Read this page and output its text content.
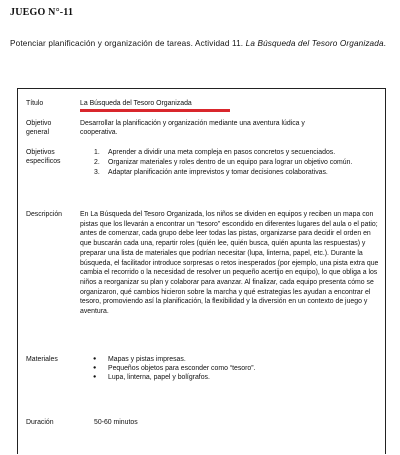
JUEGO N°-11
Potenciar planificación y organización de tareas. Actividad 11. La Búsqueda del Tesoro Organizada.
Título	La Búsqueda del Tesoro Organizada
Objetivo
general
Desarrollar la planificación y organización mediante una aventura lúdica y cooperativa.
Objetivos
específicos
1. Aprender a dividir una meta compleja en pasos concretos y secuenciados.
2. Organizar materiales y roles dentro de un equipo para lograr un objetivo común.
3. Adaptar planificación ante imprevistos y tomar decisiones colaborativas.
Descripción	En La Búsqueda del Tesoro Organizada, los niños se dividen en equipos y reciben un mapa con pistas que los llevarán a encontrar un “tesoro” escondido en diferentes lugares del aula o el patio; antes de comenzar, cada grupo debe leer todas las pistas, organizarse para decidir el orden en que buscarán cada una, repartir roles (quién lee, quién busca, quién apunta las respuestas) y preparar una lista de materiales que podrían necesitar (lupa, linterna, papel, etc.). Durante la búsqueda, el facilitador introduce sorpresas o retos inesperados (por ejemplo, una pista extra que cambia el recorrido o la necesidad de resolver un pequeño acertijo en equipo), lo que obliga a los niños a reorganizar su plan y colaborar para avanzar. Al finalizar, cada equipo presenta cómo se organizaron, qué cambios hicieron sobre la marcha y qué estrategias les ayudan a encontrar el tesoro, promoviendo así la planificación, la flexibilidad y la diversión en un contexto de juego y aventura.
Materiales
●	Mapas y pistas impresas.
● Pequeños objetos para esconder como “tesoro”.
● Lupa, linterna, papel y bolígrafos.
Duración	50-60 minutos
